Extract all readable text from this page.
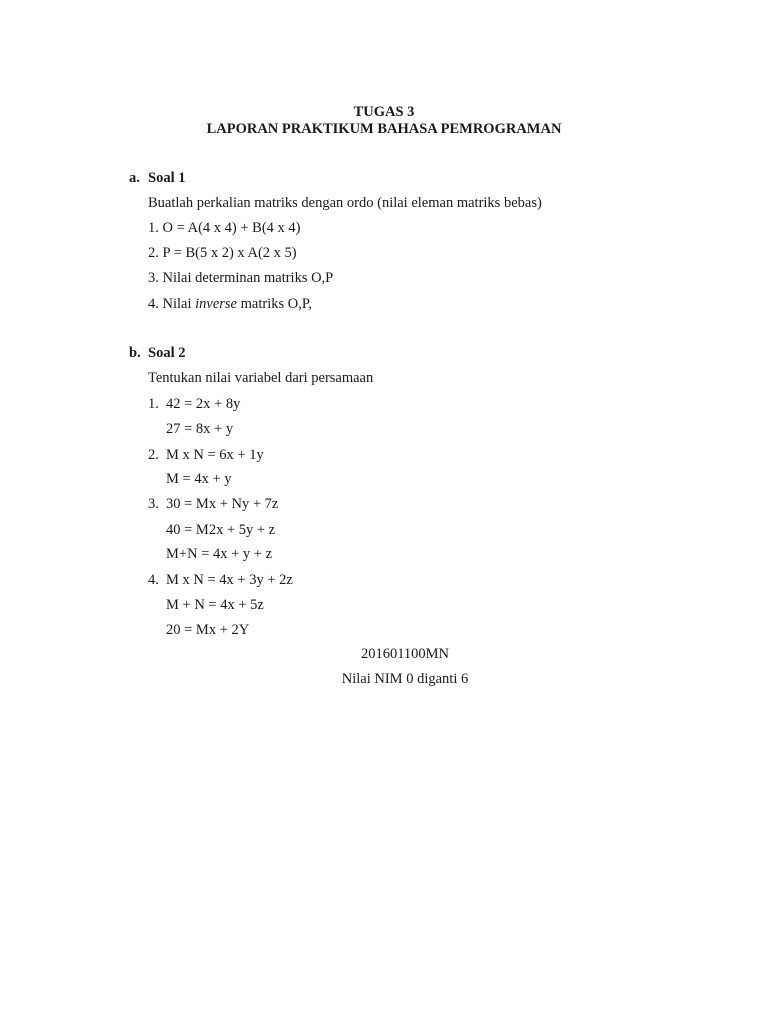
TUGAS 3
LAPORAN PRAKTIKUM BAHASA PEMROGRAMAN
a. Soal 1
Buatlah perkalian matriks dengan ordo (nilai eleman matriks bebas)
1. O = A(4 x 4) + B(4 x 4)
2. P = B(5 x 2) x A(2 x 5)
3. Nilai determinan matriks O,P
4. Nilai inverse matriks O,P,
b. Soal 2
Tentukan nilai variabel dari persamaan
1. 42 = 2x + 8y
27 = 8x + y
2. M x N = 6x + 1y
M = 4x + y
3. 30 = Mx + Ny + 7z
40 = M2x + 5y + z
M+N = 4x + y + z
4. M x N = 4x + 3y + 2z
M + N = 4x + 5z
20 = Mx + 2Y
201601100MN
Nilai NIM 0 diganti 6
